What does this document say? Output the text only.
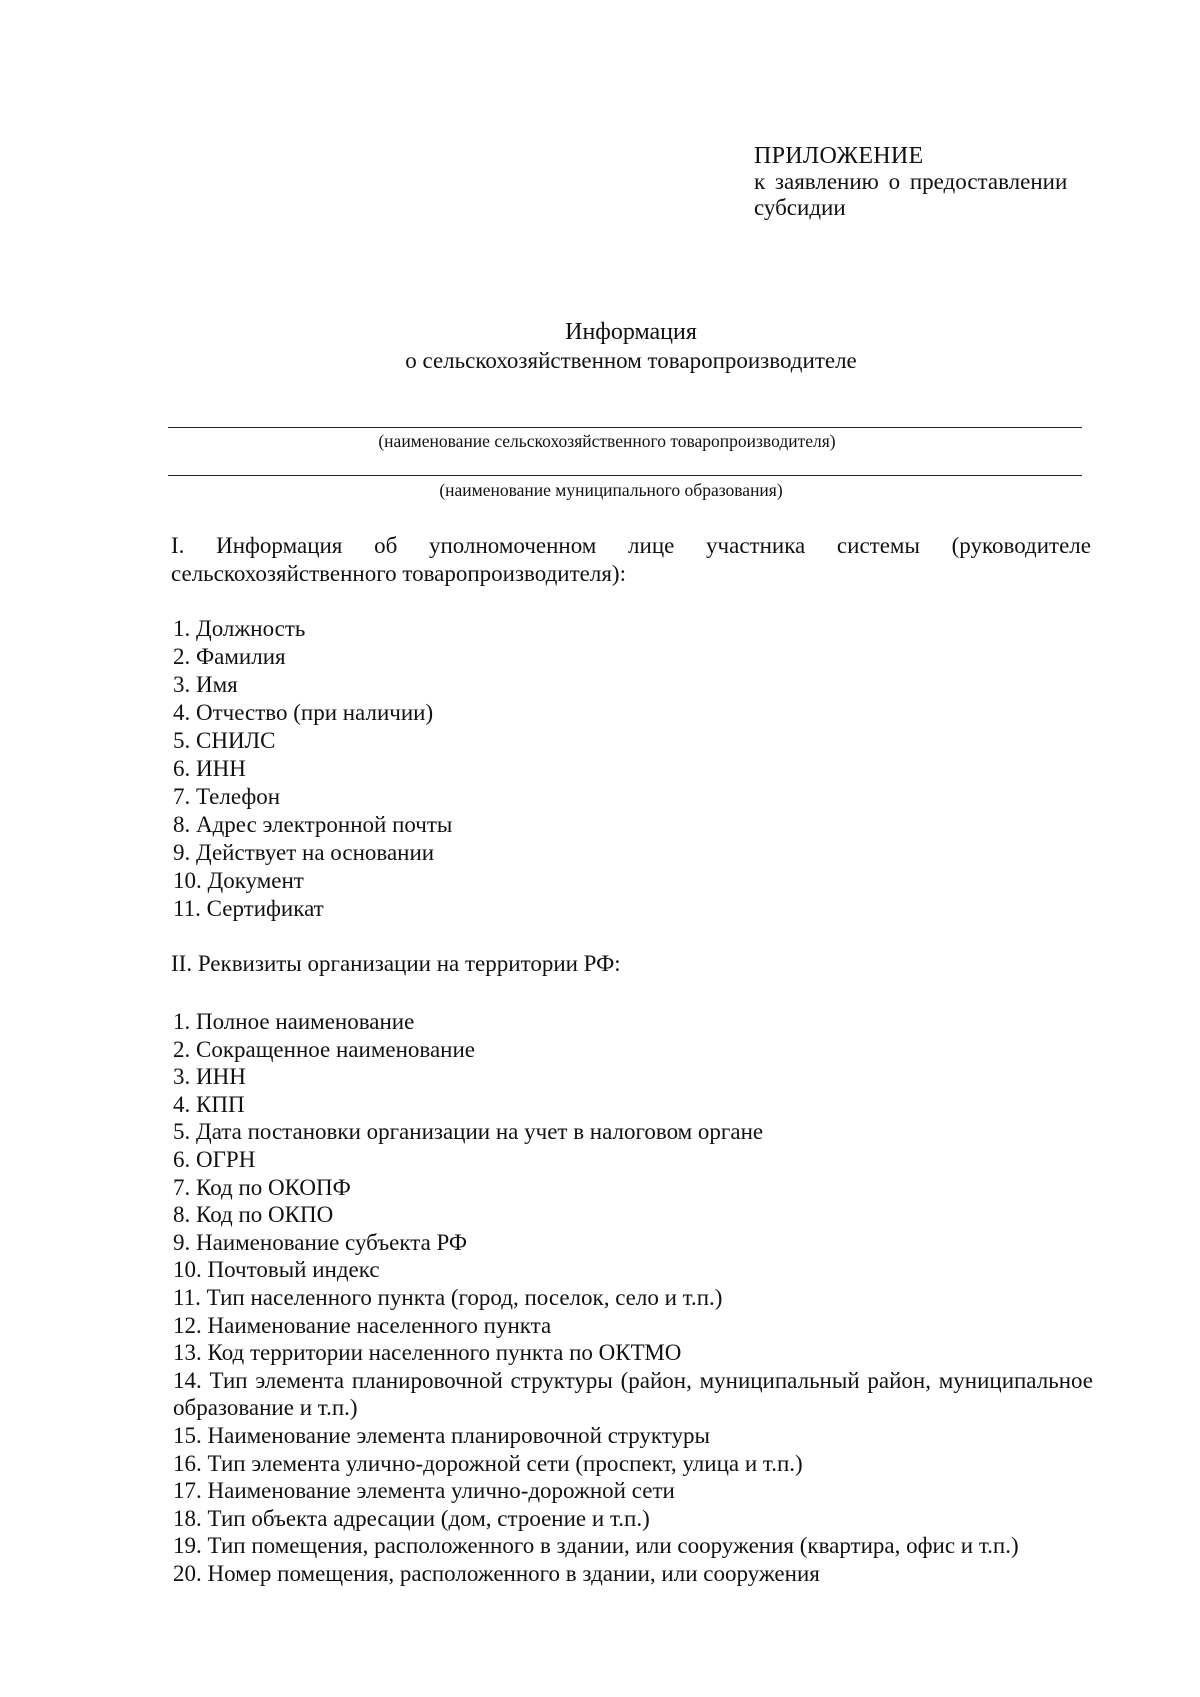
ПРИЛОЖЕНИЕ
к заявлению о предоставлении
субсидии
Информация
о сельскохозяйственном товаропроизводителе
(наименование сельскохозяйственного товаропроизводителя)
(наименование муниципального образования)
I. Информация об уполномоченном лице участника системы (руководителе сельскохозяйственного товаропроизводителя):
1. Должность
2. Фамилия
3. Имя
4. Отчество (при наличии)
5. СНИЛС
6. ИНН
7. Телефон
8. Адрес электронной почты
9. Действует на основании
10. Документ
11. Сертификат
II. Реквизиты организации на территории РФ:
1. Полное наименование
2. Сокращенное наименование
3. ИНН
4. КПП
5. Дата постановки организации на учет в налоговом органе
6. ОГРН
7. Код по ОКОПФ
8. Код по ОКПО
9. Наименование субъекта РФ
10. Почтовый индекс
11. Тип населенного пункта (город, поселок, село и т.п.)
12. Наименование населенного пункта
13. Код территории населенного пункта по ОКТМО
14. Тип элемента планировочной структуры (район, муниципальный район, муниципальное образование и т.п.)
15. Наименование элемента планировочной структуры
16. Тип элемента улично-дорожной сети (проспект, улица и т.п.)
17. Наименование элемента улично-дорожной сети
18. Тип объекта адресации (дом, строение и т.п.)
19. Тип помещения, расположенного в здании, или сооружения (квартира, офис и т.п.)
20. Номер помещения, расположенного в здании, или сооружения
